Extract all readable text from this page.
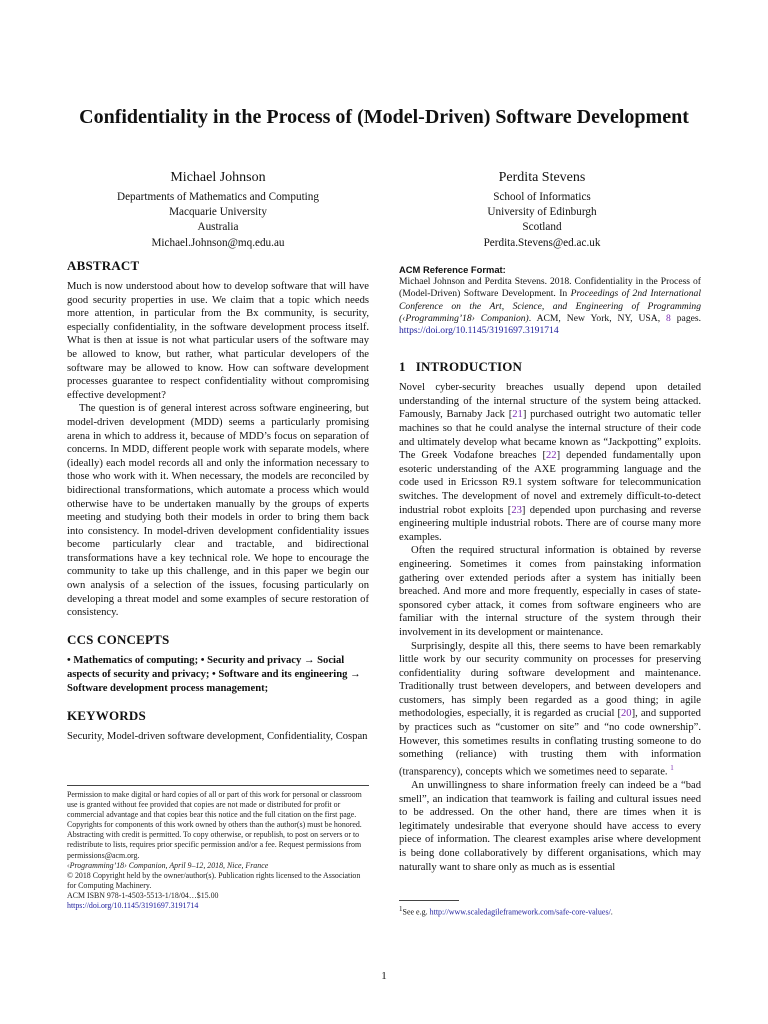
Confidentiality in the Process of (Model-Driven) Software Development
Michael Johnson
Departments of Mathematics and Computing
Macquarie University
Australia
Michael.Johnson@mq.edu.au
Perdita Stevens
School of Informatics
University of Edinburgh
Scotland
Perdita.Stevens@ed.ac.uk
ABSTRACT

Much is now understood about how to develop software that will have good security properties in use. We claim that a topic which needs more attention, in particular from the Bx community, is security, especially confidentiality, in the software development process itself. What is then at issue is not what particular users of the software may be allowed to know, but rather, what particular developers of the software may be allowed to know. How can software development processes guarantee to respect confidentiality without compromising effective development?

The question is of general interest across software engineering, but model-driven development (MDD) seems a particularly promising arena in which to address it, because of MDD’s focus on separation of concerns. In MDD, different people work with separate models, where (ideally) each model records all and only the information necessary to those who work with it. When necessary, the models are reconciled by bidirectional transformations, which automate a process which would otherwise have to be undertaken manually by the groups of experts meeting and studying both their models in order to bring them back into consistency. In model-driven development confidentiality issues become particularly clear and tractable, and bidirectional transformations have a key technical role. We hope to encourage the community to take up this challenge, and in this paper we begin our own analysis of a selection of the issues, focusing particularly on developing a threat model and some examples of secure restoration of consistency.

CCS CONCEPTS

• Mathematics of computing; • Security and privacy → Social aspects of security and privacy; • Software and its engineering → Software development process management;

KEYWORDS

Security, Model-driven software development, Confidentiality, Cospan

Permission to make digital or hard copies of all or part of this work for personal or classroom use is granted without fee provided that copies are not made or distributed for profit or commercial advantage and that copies bear this notice and the full citation on the first page. Copyrights for components of this work owned by others than the author(s) must be honored. Abstracting with credit is permitted. To copy otherwise, or republish, to post on servers or to redistribute to lists, requires prior specific permission and/or a fee. Request permissions from permissions@acm.org.

‹Programming’18› Companion, April 9–12, 2018, Nice, France

© 2018 Copyright held by the owner/author(s). Publication rights licensed to the Association for Computing Machinery.

ACM ISBN 978-1-4503-5513-1/18/04…$15.00

https://doi.org/10.1145/3191697.3191714

ACM Reference Format:

Michael Johnson and Perdita Stevens. 2018. Confidentiality in the Process of (Model-Driven) Software Development. In Proceedings of 2nd International Conference on the Art, Science, and Engineering of Programming (‹Programming’18› Companion). ACM, New York, NY, USA, 8 pages. https://doi.org/10.1145/3191697.3191714

1 INTRODUCTION

Novel cyber-security breaches usually depend upon detailed understanding of the internal structure of the system being attacked. Famously, Barnaby Jack [21] purchased outright two automatic teller machines so that he could analyse the internal structure of their code and ultimately develop what became known as “Jackpotting” exploits. The Greek Vodafone breaches [22] depended fundamentally upon esoteric understanding of the AXE programming language and the code used in Ericsson R9.1 system software for telecommunication switches. The development of novel and extremely difficult-to-detect industrial robot exploits [23] depended upon purchasing and reverse engineering multiple industrial robots. There are of course many more examples.

Often the required structural information is obtained by reverse engineering. Sometimes it comes from painstaking information gathering over extended periods after a system has initially been breached. And more and more frequently, especially in cases of state-sponsored cyber attack, it comes from software engineers who are familiar with the internal structure of the system through their involvement in its development or maintenance.

Surprisingly, despite all this, there seems to have been remarkably little work by our security community on processes for preserving confidentiality during software development and maintenance. Traditionally trust between developers, and between developers and customers, has simply been regarded as a good thing; in agile methodologies, especially, it is regarded as crucial [20], and supported by practices such as “customer on site” and “no code ownership”. However, this sometimes results in conflating trusting someone to do something (reliance) with trusting them with information (transparency), concepts which we sometimes need to separate. $^1$

An unwillingness to share information freely can indeed be a “bad smell”, an indication that teamwork is failing and cultural issues need to be addressed. On the other hand, there are times when it is legitimately undesirable that everyone should have access to every piece of information. The clearest examples arise where development is being done collaboratively by different organisations, which may naturally want to share only as much as is essential

$^1$See e.g. http://www.scaledagileframework.com/safe-core-values/.
1
